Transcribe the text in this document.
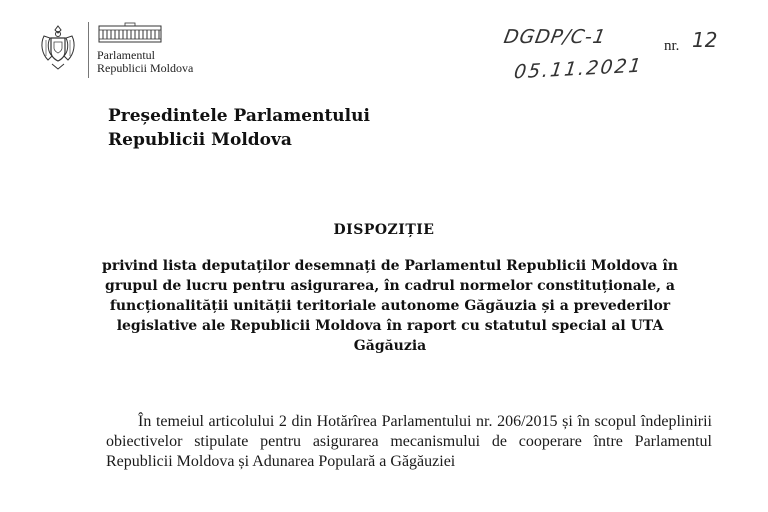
Parlamentul
Republicii Moldova
DGDP/C-1	nr. 12
05.11.2021
Președintele Parlamentului
Republicii Moldova
DISPOZIȚIE
privind lista deputaților desemnați de Parlamentul Republicii Moldova în grupul de lucru pentru asigurarea, în cadrul normelor constituționale, a funcționalității unității teritoriale autonome Găgăuzia și a prevederilor legislative ale Republicii Moldova în raport cu statutul special al UTA Găgăuzia
În temeiul articolului 2 din Hotărîrea Parlamentului nr. 206/2015 și în scopul îndeplinirii obiectivelor stipulate pentru asigurarea mecanismului de cooperare între Parlamentul Republicii Moldova și Adunarea Populară a Găgăuziei
